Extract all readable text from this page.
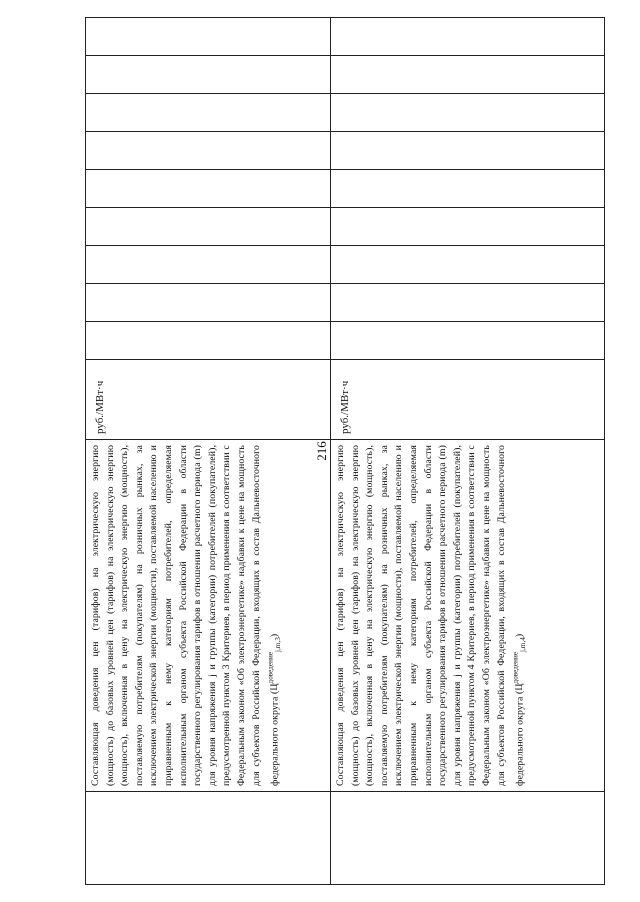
216

	Составляющая доведения цен (тарифов) на электрическую энергию (мощность) до базовых уровней цен (тарифов) на электрическую энергию (мощность), включенная в цену на электрическую энергию (мощность), поставляемую потребителям (покупателям) на розничных рынках, за исключением электрической энергии (мощности), поставляемой населению и приравненным к нему категориям потребителей, определяемая исполнительным органом субъекта Российской Федерации в области государственного регулирования тарифов в отношении расчетного периода (m) для уровня напряжения j и группы (категории) потребителей (покупателей), предусмотренной пунктом 3 Критериев, в период применения в соответствии с Федеральным законом «Об электроэнергетике» надбавки к цене на мощность для субъектов Российской Федерации, входящих в состав Дальневосточного федерального округа $(Ц^{доведение}_{j,m,3})$	руб./МВт·ч									

	Составляющая доведения цен (тарифов) на электрическую энергию (мощность) до базовых уровней цен (тарифов) на электрическую энергию (мощность), включенная в цену на электрическую энергию (мощность), поставляемую потребителям (покупателям) на розничных рынках, за исключением электрической энергии (мощности), поставляемой населению и приравненным к нему категориям потребителей, определяемая исполнительным органом субъекта Российской Федерации в области государственного регулирования тарифов в отношении расчетного периода (m) для уровня напряжения j и группы (категории) потребителей (покупателей), предусмотренной пунктом 4 Критериев, в период применения в соответствии с Федеральным законом «Об электроэнергетике» надбавки к цене на мощность для субъектов Российской Федерации, входящих в состав Дальневосточного федерального округа $(Ц^{доведение}_{j,m,4})$	руб./МВт·ч									
